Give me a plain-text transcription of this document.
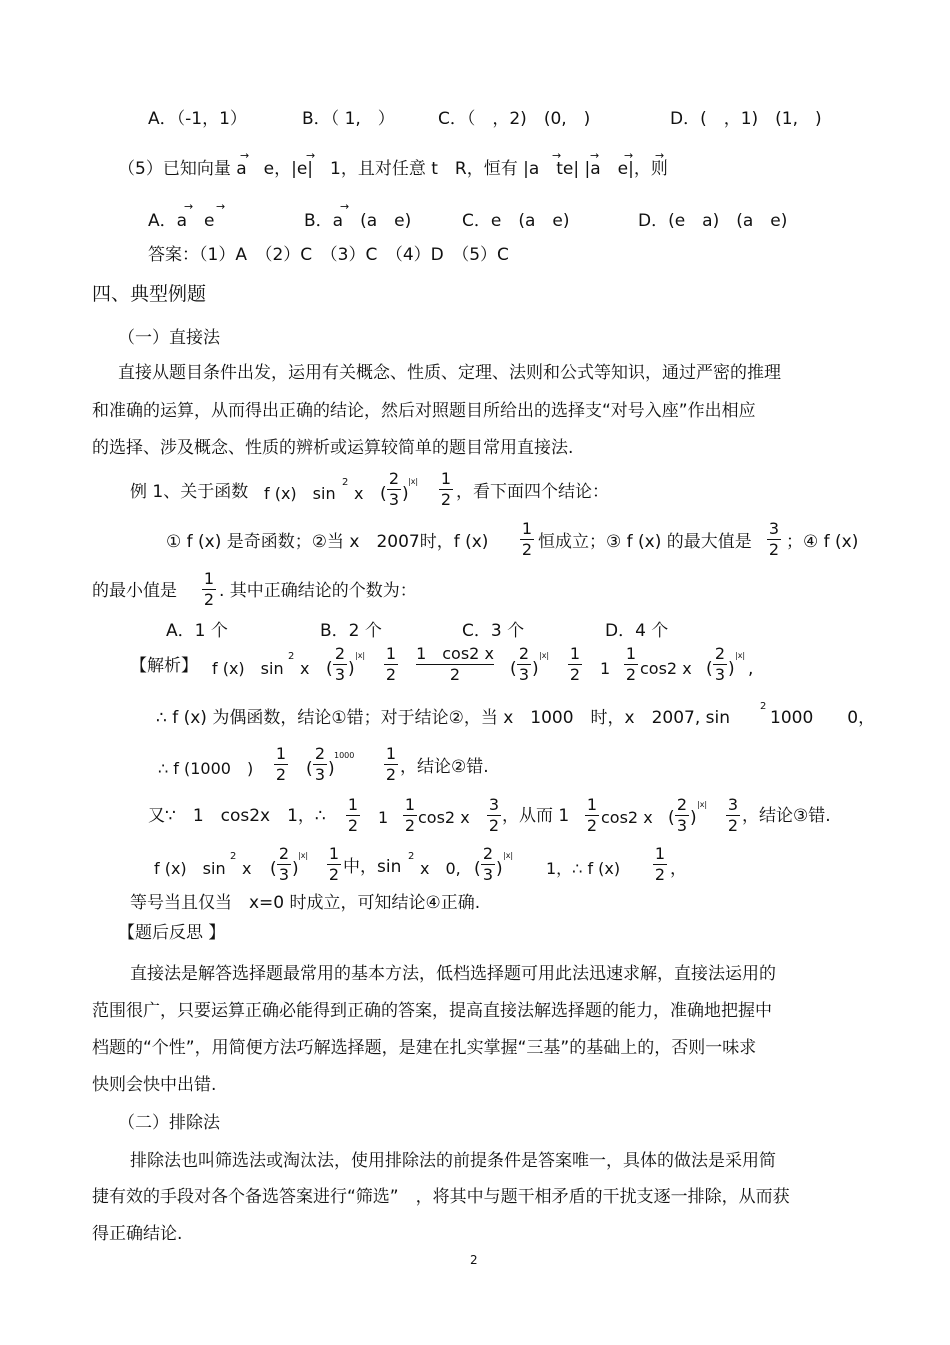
A．（-1，1）	B．（ 1,　）	C．（　，2)　(0,　)	D．(　，1)　(1,　)
（5）已知向量 a　e，|e|　1，且对任意 t　R，恒有 |a　te| |a　e|，则
→	→	→	→ → →
A．a　e	B．a　(a　e)	C．e　(a　e)	D．(e　a)　(a　e)
→ →	→
答案：（1）A　（2）C　（3）C　（4）D　（5）C
四、典型例题
（一）直接法
直接从题目条件出发，运用有关概念、性质、定理、法则和公式等知识，通过严密的推理
和准确的运算，从而得出正确的结论，然后对照题目所给出的选择支“对号入座”作出相应
的选择、涉及概念、性质的辨析或运算较简单的题目常用直接法.
例 1、关于函数 f (x)　sin
2
x (
2
3 )
|x| 1
2 ，看下面四个结论：
① f (x) 是奇函数；②当 x　2007时，f (x)
1
2 恒成立；③ f (x) 的最大值是
3
2 ；④ f (x)
的最小值是
1
2 . 其中正确结论的个数为：
A．1 个	B．2 个	C．3 个	D．4 个
【解析】 f (x)　sin
2
x (
2
3 )
|x| 1
2
1　cos2 x
2	(
2
3 )
|x| 1
2 1
1
2 cos2 x (
2
3 )
|x|
,
∴ f (x) 为偶函数，结论①错；对于结论②，当 x　1000　时，x　2007, sin
2
1000　　0，
∴ f (1000　)
1
2 (
2
3 )
1000 1
2 ，结论②错.
又∵　1　cos2x　1，∴
1
2 1
1
2 cos2 x
3
2 ，从而 1
1
2 cos2 x (
2
3 )
|x| 3
2 ，结论③错.
f (x)　sin
2
x (
2
3 )
|x| 1
2 中，sin
2
x　0, (
2
3 )
|x|
1，∴ f (x)
1
2 ，
等号当且仅当　x=0 时成立，可知结论④正确.
【题后反思 】
直接法是解答选择题最常用的基本方法，低档选择题可用此法迅速求解，直接法运用的
范围很广，只要运算正确必能得到正确的答案，提高直接法解选择题的能力，准确地把握中
档题的“个性”，用简便方法巧解选择题，是建在扎实掌握“三基”的基础上的，否则一味求
快则会快中出错.
（二）排除法
排除法也叫筛选法或淘汰法，使用排除法的前提条件是答案唯一，具体的做法是采用简
捷有效的手段对各个备选答案进行“筛选”　，将其中与题干相矛盾的干扰支逐一排除，从而获
得正确结论.
2
